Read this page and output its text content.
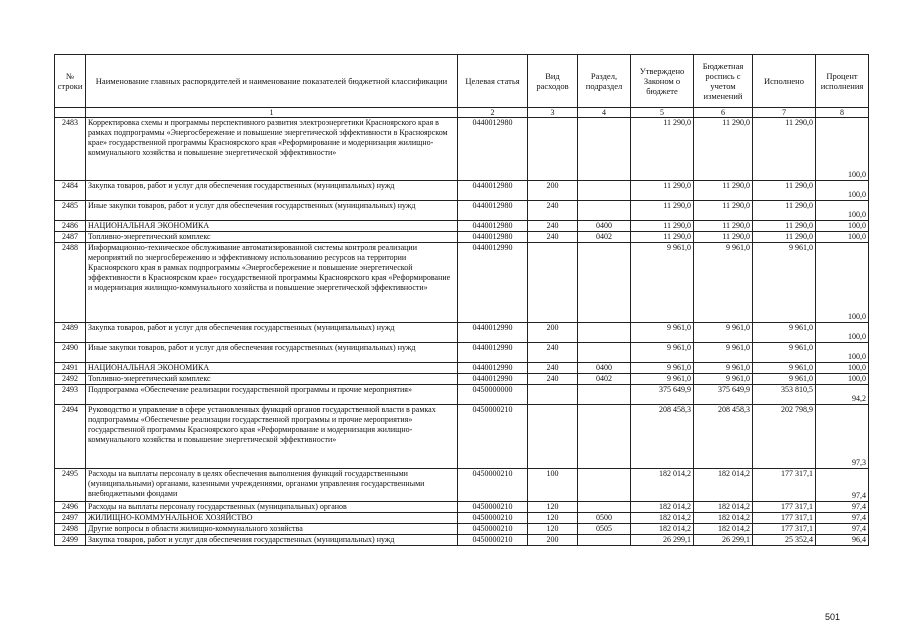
№ строки	Наименование главных распорядителей и наименование показателей бюджетной классификации	Целевая статья	Вид расходов	Раздел, подраздел	Утверждено Законом о бюджете	Бюджетная роспись с учетом изменений	Исполнено	Процент исполнения
	1	2	3	4	5	6	7	8
2483	Корректировка схемы и программы перспективного развития электроэнергетики Красноярского края в рамках подпрограммы «Энергосбережение и повышение энергетической эффективности в Красноярском крае» государственной программы Красноярского края «Реформирование и модернизация жилищно-коммунального хозяйства и повышение энергетической эффективности»	0440012980			11 290,0	11 290,0	11 290,0	100,0
2484	Закупка товаров, работ и услуг для обеспечения государственных (муниципальных) нужд	0440012980	200		11 290,0	11 290,0	11 290,0	100,0
2485	Иные закупки товаров, работ и услуг для обеспечения государственных (муниципальных) нужд	0440012980	240		11 290,0	11 290,0	11 290,0	100,0
2486	НАЦИОНАЛЬНАЯ ЭКОНОМИКА	0440012980	240	0400	11 290,0	11 290,0	11 290,0	100,0
2487	Топливно-энергетический комплекс	0440012980	240	0402	11 290,0	11 290,0	11 290,0	100,0
2488	Информационно-техническое обслуживание автоматизированной системы контроля реализации мероприятий по энергосбережению и эффективному использованию ресурсов на территории Красноярского края в рамках подпрограммы «Энергосбережение и повышение энергетической эффективности в Красноярском крае» государственной программы Красноярского края «Реформирование и модернизация жилищно-коммунального хозяйства и повышение энергетической эффективности»	0440012990			9 961,0	9 961,0	9 961,0	100,0
2489	Закупка товаров, работ и услуг для обеспечения государственных (муниципальных) нужд	0440012990	200		9 961,0	9 961,0	9 961,0	100,0
2490	Иные закупки товаров, работ и услуг для обеспечения государственных (муниципальных) нужд	0440012990	240		9 961,0	9 961,0	9 961,0	100,0
2491	НАЦИОНАЛЬНАЯ ЭКОНОМИКА	0440012990	240	0400	9 961,0	9 961,0	9 961,0	100,0
2492	Топливно-энергетический комплекс	0440012990	240	0402	9 961,0	9 961,0	9 961,0	100,0
2493	Подпрограмма «Обеспечение реализации государственной программы и прочие мероприятия»	0450000000			375 649,9	375 649,9	353 810,5	94,2
2494	Руководство и управление в сфере установленных функций органов государственной власти в рамках подпрограммы «Обеспечение реализации государственной программы и прочие мероприятия» государственной программы Красноярского края «Реформирование и модернизация жилищно-коммунального хозяйства и повышение энергетической эффективности»	0450000210			208 458,3	208 458,3	202 798,9	97,3
2495	Расходы на выплаты персоналу в целях обеспечения выполнения функций государственными (муниципальными) органами, казенными учреждениями, органами управления государственными внебюджетными фондами	0450000210	100		182 014,2	182 014,2	177 317,1	97,4
2496	Расходы на выплаты персоналу государственных (муниципальных) органов	0450000210	120		182 014,2	182 014,2	177 317,1	97,4
2497	ЖИЛИЩНО-КОММУНАЛЬНОЕ ХОЗЯЙСТВО	0450000210	120	0500	182 014,2	182 014,2	177 317,1	97,4
2498	Другие вопросы в области жилищно-коммунального хозяйства	0450000210	120	0505	182 014,2	182 014,2	177 317,1	97,4
2499	Закупка товаров, работ и услуг для обеспечения государственных (муниципальных) нужд	0450000210	200		26 299,1	26 299,1	25 352,4	96,4
501
